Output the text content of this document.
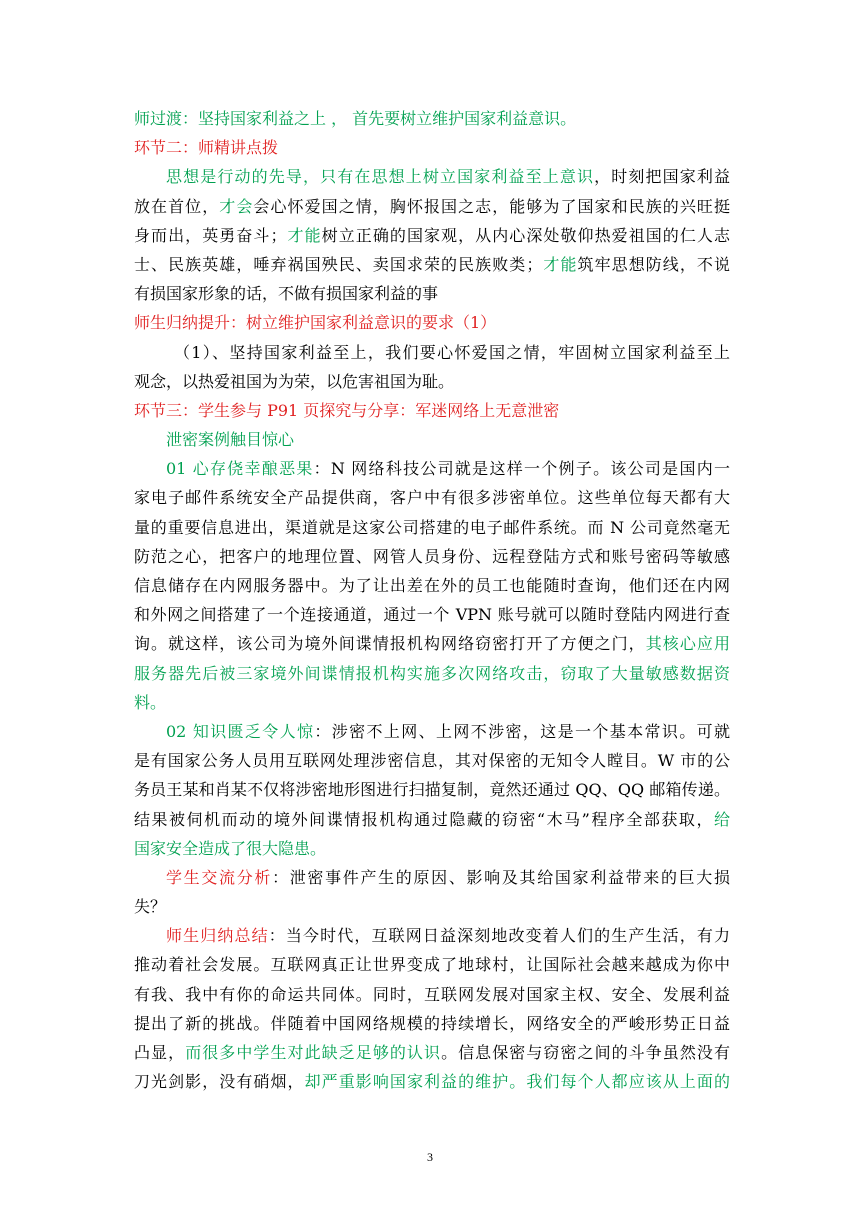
师过渡：坚持国家利益之上 ， 首先要树立维护国家利益意识。
环节二：师精讲点拨
思想是行动的先导，只有在思想上树立国家利益至上意识，时刻把国家利益
放在首位，才会会心怀爱国之情，胸怀报国之志，能够为了国家和民族的兴旺挺
身而出，英勇奋斗；才能树立正确的国家观，从内心深处敬仰热爱祖国的仁人志
士、民族英雄，唾弃祸国殃民、卖国求荣的民族败类；才能筑牢思想防线，不说
有损国家形象的话，不做有损国家利益的事
师生归纳提升：树立维护国家利益意识的要求（1）
（1）、坚持国家利益至上，我们要心怀爱国之情，牢固树立国家利益至上
观念，以热爱祖国为为荣，以危害祖国为耻。
环节三：学生参与 P91 页探究与分享：军迷网络上无意泄密
泄密案例触目惊心
01 心存侥幸酿恶果：N 网络科技公司就是这样一个例子。该公司是国内一
家电子邮件系统安全产品提供商，客户中有很多涉密单位。这些单位每天都有大
量的重要信息进出，渠道就是这家公司搭建的电子邮件系统。而 N 公司竟然毫无
防范之心，把客户的地理位置、网管人员身份、远程登陆方式和账号密码等敏感
信息储存在内网服务器中。为了让出差在外的员工也能随时查询，他们还在内网
和外网之间搭建了一个连接通道，通过一个 VPN 账号就可以随时登陆内网进行查
询。就这样，该公司为境外间谍情报机构网络窃密打开了方便之门，其核心应用
服务器先后被三家境外间谍情报机构实施多次网络攻击，窃取了大量敏感数据资
料。
02 知识匮乏令人惊：涉密不上网、上网不涉密，这是一个基本常识。可就
是有国家公务人员用互联网处理涉密信息，其对保密的无知令人瞠目。W 市的公
务员王某和肖某不仅将涉密地形图进行扫描复制，竟然还通过 QQ、QQ 邮箱传递。
结果被伺机而动的境外间谍情报机构通过隐藏的窃密“木马”程序全部获取，给
国家安全造成了很大隐患。
学生交流分析：泄密事件产生的原因、影响及其给国家利益带来的巨大损
失？
师生归纳总结：当今时代，互联网日益深刻地改变着人们的生产生活，有力
推动着社会发展。互联网真正让世界变成了地球村，让国际社会越来越成为你中
有我、我中有你的命运共同体。同时，互联网发展对国家主权、安全、发展利益
提出了新的挑战。伴随着中国网络规模的持续增长，网络安全的严峻形势正日益
凸显，而很多中学生对此缺乏足够的认识。信息保密与窃密之间的斗争虽然没有
刀光剑影，没有硝烟，却严重影响国家利益的维护。我们每个人都应该从上面的
3
